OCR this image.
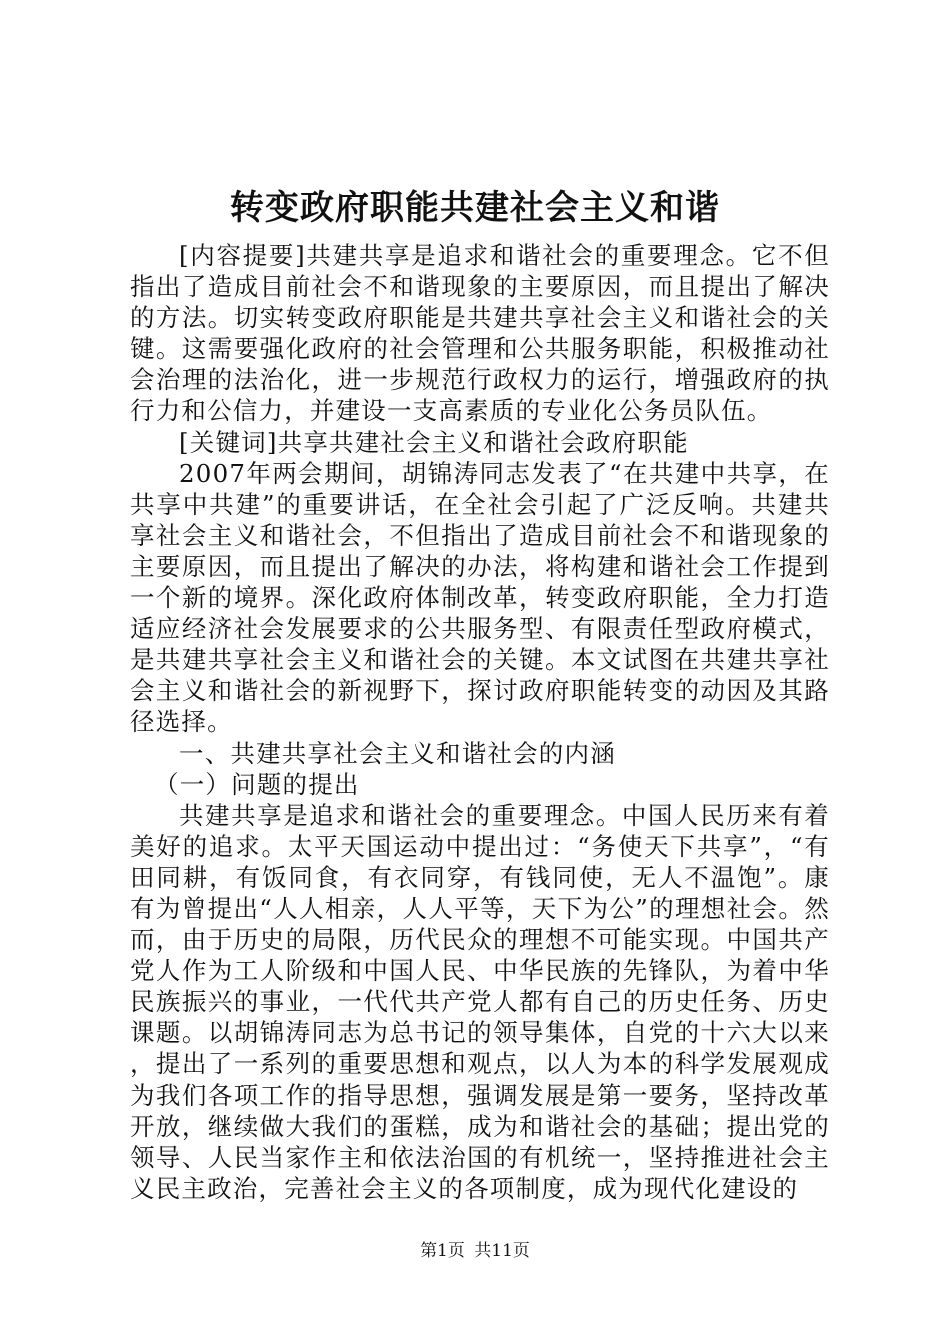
转变政府职能共建社会主义和谐

[内容提要]共建共享是追求和谐社会的重要理念。它不但指出了造成目前社会不和谐现象的主要原因，而且提出了解决的方法。切实转变政府职能是共建共享社会主义和谐社会的关键。这需要强化政府的社会管理和公共服务职能，积极推动社会治理的法治化，进一步规范行政权力的运行，增强政府的执行力和公信力，并建设一支高素质的专业化公务员队伍。

[关键词]共享共建社会主义和谐社会政府职能

2007年两会期间，胡锦涛同志发表了“在共建中共享，在共享中共建”的重要讲话，在全社会引起了广泛反响。共建共享社会主义和谐社会，不但指出了造成目前社会不和谐现象的主要原因，而且提出了解决的办法，将构建和谐社会工作提到一个新的境界。深化政府体制改革，转变政府职能，全力打造适应经济社会发展要求的公共服务型、有限责任型政府模式，是共建共享社会主义和谐社会的关键。本文试图在共建共享社会主义和谐社会的新视野下，探讨政府职能转变的动因及其路径选择。

一、共建共享社会主义和谐社会的内涵

（一）问题的提出

共建共享是追求和谐社会的重要理念。中国人民历来有着美好的追求。太平天国运动中提出过：“务使天下共享”，“有田同耕，有饭同食，有衣同穿，有钱同使，无人不温饱”。康有为曾提出“人人相亲，人人平等，天下为公”的理想社会。然而，由于历史的局限，历代民众的理想不可能实现。中国共产党人作为工人阶级和中国人民、中华民族的先锋队，为着中华民族振兴的事业，一代代共产党人都有自己的历史任务、历史课题。以胡锦涛同志为总书记的领导集体，自党的十六大以来，提出了一系列的重要思想和观点，以人为本的科学发展观成为我们各项工作的指导思想，强调发展是第一要务，坚持改革开放，继续做大我们的蛋糕，成为和谐社会的基础；提出党的领导、人民当家作主和依法治国的有机统一，坚持推进社会主义民主政治，完善社会主义的各项制度，成为现代化建设的

第1页 共11页
